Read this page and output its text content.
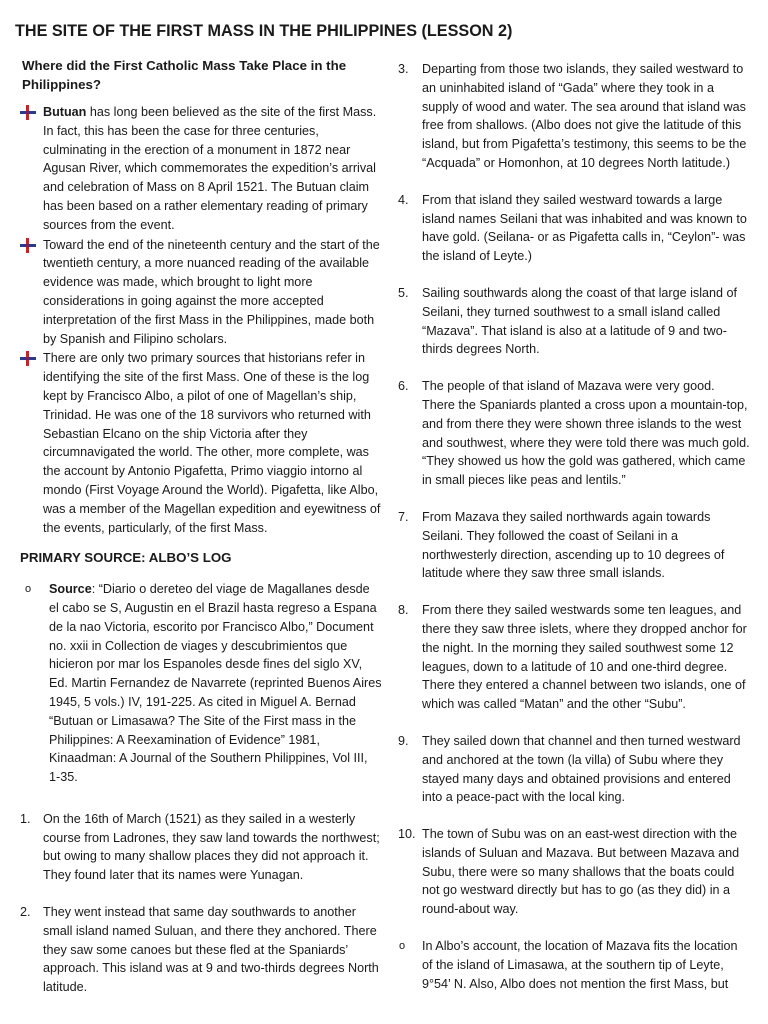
THE SITE OF THE FIRST MASS IN THE PHILIPPINES (LESSON 2)
Where did the First Catholic Mass Take Place in the Philippines?
Butuan has long been believed as the site of the first Mass. In fact, this has been the case for three centuries, culminating in the erection of a monument in 1872 near Agusan River, which commemorates the expedition’s arrival and celebration of Mass on 8 April 1521. The Butuan claim has been based on a rather elementary reading of primary sources from the event.
Toward the end of the nineteenth century and the start of the twentieth century, a more nuanced reading of the available evidence was made, which brought to light more considerations in going against the more accepted interpretation of the first Mass in the Philippines, made both by Spanish and Filipino scholars.
There are only two primary sources that historians refer in identifying the site of the first Mass. One of these is the log kept by Francisco Albo, a pilot of one of Magellan’s ship, Trinidad. He was one of the 18 survivors who returned with Sebastian Elcano on the ship Victoria after they circumnavigated the world. The other, more complete, was the account by Antonio Pigafetta, Primo viaggio intorno al mondo (First Voyage Around the World). Pigafetta, like Albo, was a member of the Magellan expedition and eyewitness of the events, particularly, of the first Mass.
PRIMARY SOURCE: ALBO’S LOG
o Source: “Diario o dereteo del viage de Magallanes desde el cabo se S, Augustin en el Brazil hasta regreso a Espana de la nao Victoria, escorito por Francisco Albo,” Document no. xxii in Collection de viages y descubrimientos que hicieron por mar los Espanoles desde fines del siglo XV, Ed. Martin Fernandez de Navarrete (reprinted Buenos Aires 1945, 5 vols.) IV, 191-225. As cited in Miguel A. Bernad “Butuan or Limasawa? The Site of the First mass in the Philippines: A Reexamination of Evidence” 1981, Kinaadman: A Journal of the Southern Philippines, Vol III, 1-35.
1. On the 16th of March (1521) as they sailed in a westerly course from Ladrones, they saw land towards the northwest; but owing to many shallow places they did not approach it. They found later that its names were Yunagan.
2. They went instead that same day southwards to another small island named Suluan, and there they anchored. There they saw some canoes but these fled at the Spaniards’ approach. This island was at 9 and two-thirds degrees North latitude.
3. Departing from those two islands, they sailed westward to an uninhabited island of “Gada” where they took in a supply of wood and water. The sea around that island was free from shallows. (Albo does not give the latitude of this island, but from Pigafetta’s testimony, this seems to be the “Acquada” or Homonhon, at 10 degrees North latitude.)
4. From that island they sailed westward towards a large island names Seilani that was inhabited and was known to have gold. (Seilana- or as Pigafetta calls in, “Ceylon”- was the island of Leyte.)
5. Sailing southwards along the coast of that large island of Seilani, they turned southwest to a small island called “Mazava”. That island is also at a latitude of 9 and two-thirds degrees North.
6. The people of that island of Mazava were very good. There the Spaniards planted a cross upon a mountain-top, and from there they were shown three islands to the west and southwest, where they were told there was much gold. “They showed us how the gold was gathered, which came in small pieces like peas and lentils.”
7. From Mazava they sailed northwards again towards Seilani. They followed the coast of Seilani in a northwesterly direction, ascending up to 10 degrees of latitude where they saw three small islands.
8. From there they sailed westwards some ten leagues, and there they saw three islets, where they dropped anchor for the night. In the morning they sailed southwest some 12 leagues, down to a latitude of 10 and one-third degree. There they entered a channel between two islands, one of which was called “Matan” and the other “Subu”.
9. They sailed down that channel and then turned westward and anchored at the town (la villa) of Subu where they stayed many days and obtained provisions and entered into a peace-pact with the local king.
10. The town of Subu was on an east-west direction with the islands of Suluan and Mazava. But between Mazava and Subu, there were so many shallows that the boats could not go westward directly but has to go (as they did) in a round-about way.
o In Albo’s account, the location of Mazava fits the location of the island of Limasawa, at the southern tip of Leyte, 9°54’ N. Also, Albo does not mention the first Mass, but
